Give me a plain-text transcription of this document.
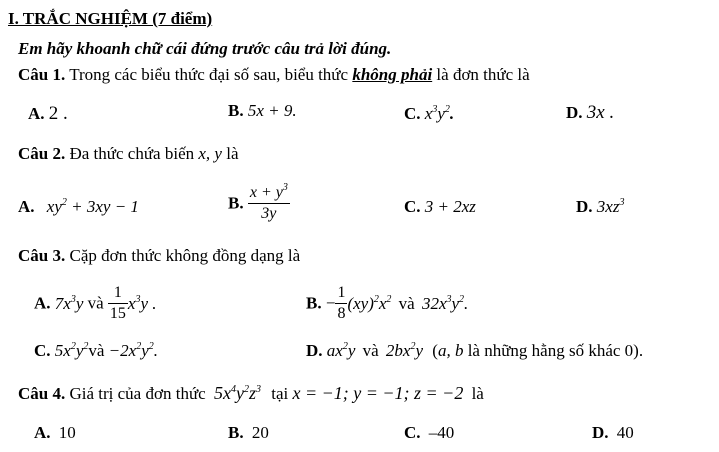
I. TRẮC NGHIỆM (7 điểm)
Em hãy khoanh chữ cái đứng trước câu trả lời đúng.
Câu 1. Trong các biểu thức đại số sau, biểu thức không phải là đơn thức là
A. 2 .	B. 5x + 9.	C. $x^3y^2$.	D. 3x .
Câu 2. Đa thức chứa biến x, y là
A. $xy^2 + 3xy - 1$	B. $\frac{x + y^3}{3y}$	C. 3 + 2xz	D. $3xz^3$
Câu 3. Cặp đơn thức không đồng dạng là
A. $7x^3y$ và $\frac{1}{15} x^3y$ .	B. − $\frac{1}{8} (xy)^2x^2$ và $32x^3y^2$.
C. $5x^2y^2và -2x^2y^2$.	D. $ax^2y$ và $2bx^2y$ (a, b là những hằng số khác 0).
Câu 4. Giá trị của đơn thức $5x^4y^2z^3$ tại x = −1; y = −1; z = −2 là
A. 10	B. 20	C. –40	D. 40
